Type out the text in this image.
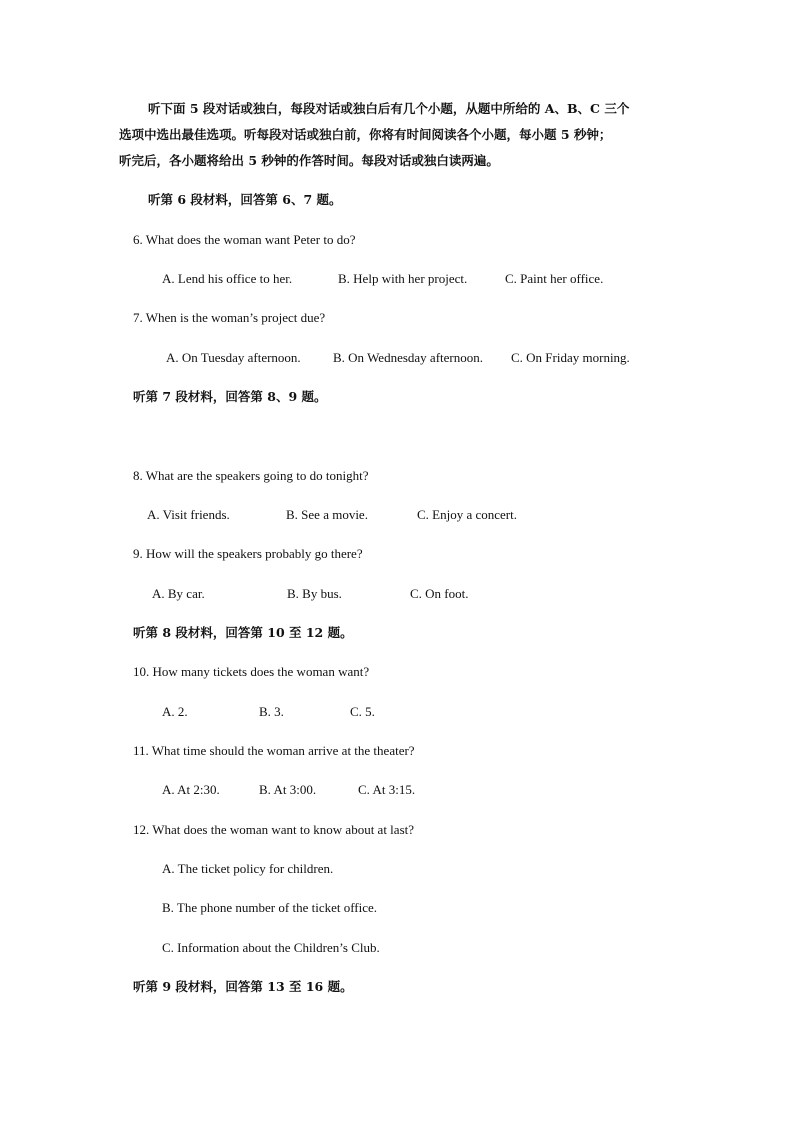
听下面 5 段对话或独白，每段对话或独白后有几个小题，从题中所给的 A、B、C 三个
选项中选出最佳选项。听每段对话或独白前，你将有时间阅读各个小题，每小题 5 秒钟；
听完后，各小题将给出 5 秒钟的作答时间。每段对话或独白读两遍。
听第 6 段材料，回答第 6、7 题。
6. What does the woman want Peter to do?
A. Lend his office to her.	B. Help with her project.	C. Paint her office.
7. When is the woman’s project due?
A. On Tuesday afternoon. B. On Wednesday afternoon. C. On Friday morning.
听第 7 段材料，回答第 8、9 题。
8. What are the speakers going to do tonight?
A. Visit friends.	B. See a movie.	C. Enjoy a concert.
9. How will the speakers probably go there?
A. By car.	B. By bus.	C. On foot.
听第 8 段材料，回答第 10 至 12 题。
10. How many tickets does the woman want?
A. 2.	B. 3.	C. 5.
11. What time should the woman arrive at the theater?
A. At 2:30.	B. At 3:00.	C. At 3:15.
12. What does the woman want to know about at last?
A. The ticket policy for children.
B. The phone number of the ticket office.
C. Information about the Children’s Club.
听第 9 段材料，回答第 13 至 16 题。
